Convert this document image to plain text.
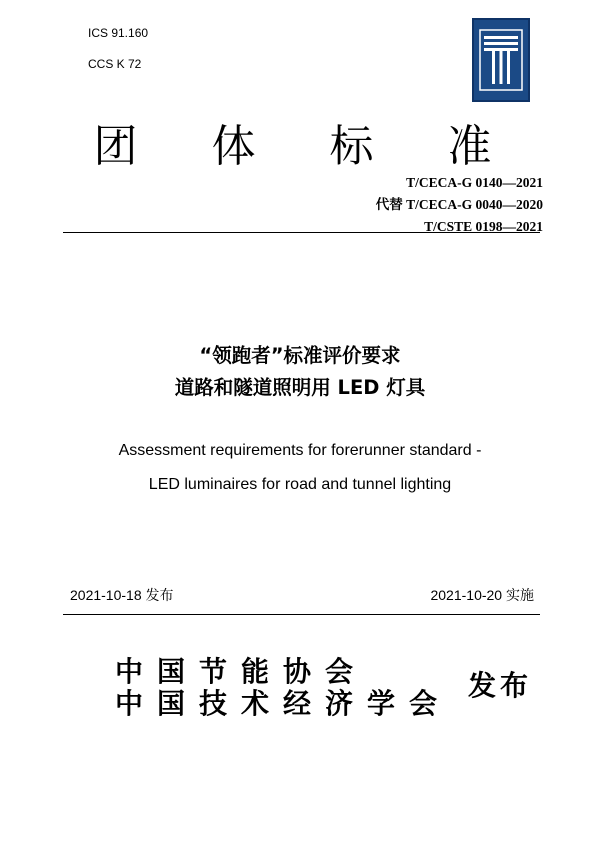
ICS 91.160
CCS K 72
团 体 标 准
T/CECA-G 0140—2021
代替 T/CECA-G 0040—2020
T/CSTE 0198—2021
“领跑者”标准评价要求
道路和隧道照明用 LED 灯具
Assessment requirements for forerunner standard -
LED luminaires for road and tunnel lighting
2021-10-18 发布	2021-10-20 实施
中国节能协会
中国技术经济学会
发布
